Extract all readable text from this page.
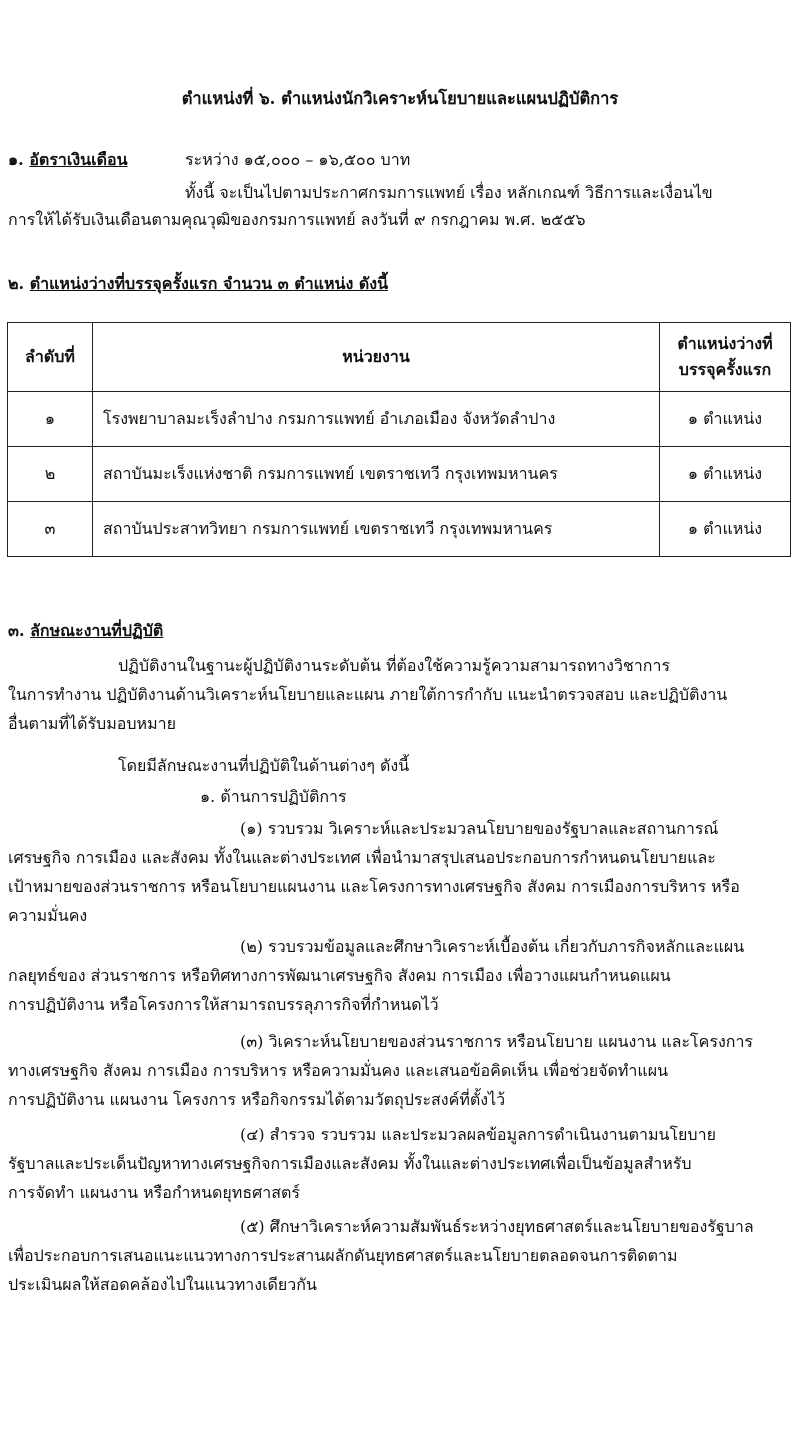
ตำแหน่งที่ ๖. ตำแหน่งนักวิเคราะห์นโยบายและแผนปฏิบัติการ
๑. อัตราเงินเดือน	ระหว่าง ๑๕,๐๐๐ – ๑๖,๕๐๐ บาท
ทั้งนี้ จะเป็นไปตามประกาศกรมการแพทย์ เรื่อง หลักเกณฑ์ วิธีการและเงื่อนไข
การให้ได้รับเงินเดือนตามคุณวุฒิของกรมการแพทย์ ลงวันที่ ๙ กรกฎาคม พ.ศ. ๒๕๕๖
๒. ตำแหน่งว่างที่บรรจุครั้งแรก จำนวน ๓ ตำแหน่ง ดังนี้
ลำดับที่	หน่วยงาน	ตำแหน่งว่างที่
บรรจุครั้งแรก

๑	โรงพยาบาลมะเร็งลำปาง กรมการแพทย์ อำเภอเมือง จังหวัดลำปาง	๑ ตำแหน่ง
๒	สถาบันมะเร็งแห่งชาติ กรมการแพทย์ เขตราชเทวี กรุงเทพมหานคร	๑ ตำแหน่ง
๓	สถาบันประสาทวิทยา กรมการแพทย์ เขตราชเทวี กรุงเทพมหานคร	๑ ตำแหน่ง
๓. ลักษณะงานที่ปฏิบัติ
ปฏิบัติงานในฐานะผู้ปฏิบัติงานระดับต้น ที่ต้องใช้ความรู้ความสามารถทางวิชาการ
ในการทำงาน ปฏิบัติงานด้านวิเคราะห์นโยบายและแผน ภายใต้การกำกับ แนะนำตรวจสอบ และปฏิบัติงาน
อื่นตามที่ได้รับมอบหมาย
โดยมีลักษณะงานที่ปฏิบัติในด้านต่างๆ ดังนี้
๑. ด้านการปฏิบัติการ
(๑) รวบรวม วิเคราะห์และประมวลนโยบายของรัฐบาลและสถานการณ์
เศรษฐกิจ การเมือง และสังคม ทั้งในและต่างประเทศ เพื่อนำมาสรุปเสนอประกอบการกำหนดนโยบายและ
เป้าหมายของส่วนราชการ หรือนโยบายแผนงาน และโครงการทางเศรษฐกิจ สังคม การเมืองการบริหาร หรือ
ความมั่นคง
(๒) รวบรวมข้อมูลและศึกษาวิเคราะห์เบื้องต้น เกี่ยวกับภารกิจหลักและแผน
กลยุทธ์ของ ส่วนราชการ หรือทิศทางการพัฒนาเศรษฐกิจ สังคม การเมือง เพื่อวางแผนกำหนดแผน
การปฏิบัติงาน หรือโครงการให้สามารถบรรลุภารกิจที่กำหนดไว้
(๓) วิเคราะห์นโยบายของส่วนราชการ หรือนโยบาย แผนงาน และโครงการ
ทางเศรษฐกิจ สังคม การเมือง การบริหาร หรือความมั่นคง และเสนอข้อคิดเห็น เพื่อช่วยจัดทำแผน
การปฏิบัติงาน แผนงาน โครงการ หรือกิจกรรมได้ตามวัตถุประสงค์ที่ตั้งไว้
(๔) สำรวจ รวบรวม และประมวลผลข้อมูลการดำเนินงานตามนโยบาย
รัฐบาลและประเด็นปัญหาทางเศรษฐกิจการเมืองและสังคม ทั้งในและต่างประเทศเพื่อเป็นข้อมูลสำหรับ
การจัดทำ แผนงาน หรือกำหนดยุทธศาสตร์
(๕) ศึกษาวิเคราะห์ความสัมพันธ์ระหว่างยุทธศาสตร์และนโยบายของรัฐบาล
เพื่อประกอบการเสนอแนะแนวทางการประสานผลักดันยุทธศาสตร์และนโยบายตลอดจนการติดตาม
ประเมินผลให้สอดคล้องไปในแนวทางเดียวกัน
